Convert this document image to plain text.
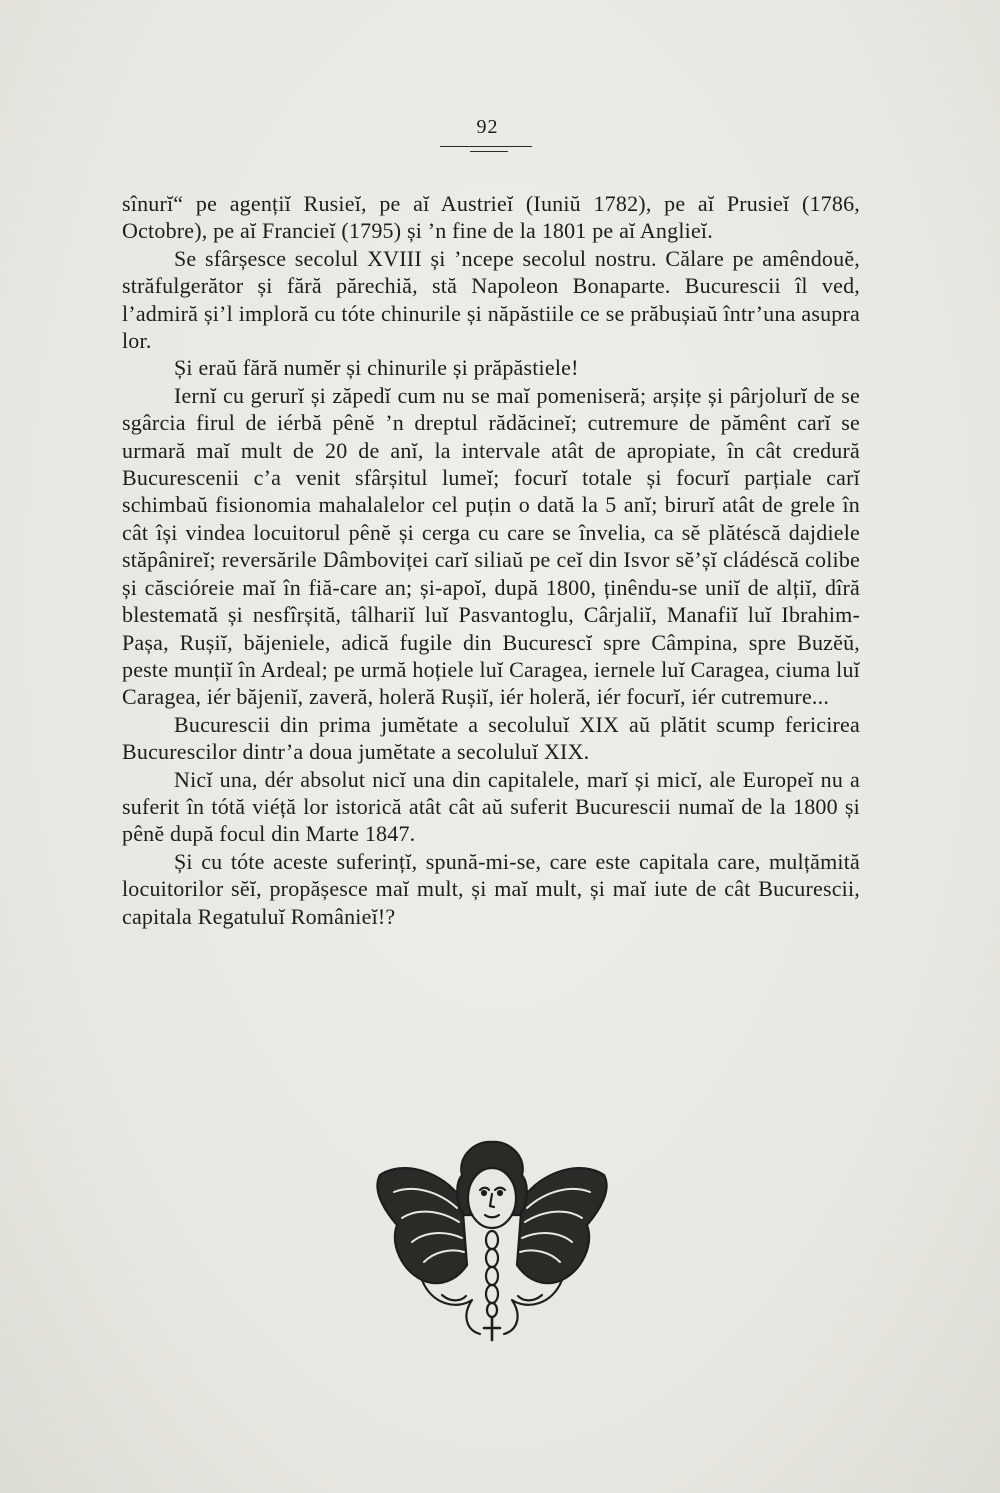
92

sînurĭ“ pe agențiĭ Rusieĭ, pe aĭ Austrieĭ (Iuniŭ 1782), pe aĭ Prusieĭ (1786, Octobre), pe aĭ Francieĭ (1795) și ’n fine de la 1801 pe aĭ Anglieĭ.

Se sfârșesce secolul XVIII și ’ncepe secolul nostru. Călare pe amêndouĕ, străfulgerător și fără părechiă, stă Napoleon Bonaparte. Bucurescii îl ved, l’admiră și’l imploră cu tóte chinurile și năpăstiile ce se prăbușiaŭ într’una asupra lor.

Și eraŭ fără numĕr și chinurile și prăpăstiele!

Iernĭ cu gerurĭ și zăpedĭ cum nu se maĭ pomeniseră; arșițe și pârjolurĭ de se sgârcia firul de iérbă pênĕ ’n dreptul rădăcineĭ; cutremure de pămênt carĭ se urmară maĭ mult de 20 de anĭ, la intervale atât de apropiate, în cât credură Bucurescenii c’a venit sfârșitul lumeĭ; focurĭ totale și focurĭ parțiale carĭ schimbaŭ fisionomia mahalalelor cel puțin o dată la 5 anĭ; birurĭ atât de grele în cât își vindea locuitorul pênĕ și cerga cu care se învelia, ca sĕ plătéscă dajdiele stăpânireĭ; reversările Dâmboviței carĭ siliaŭ pe ceĭ din Isvor sĕ’șĭ cládéscă colibe și căscióreie maĭ în fiă-care an; și-apoĭ, după 1800, ținêndu-se uniĭ de alțiĭ, dîră blestemată și nesfîrșită, tâlhariĭ luĭ Pasvantoglu, Cârjaliĭ, Manafiĭ luĭ Ibrahim-Pașa, Rușiĭ, băjeniele, adică fugile din Bucurescĭ spre Câmpina, spre Buzĕŭ, peste munțiĭ în Ardeal; pe urmă hoțiele luĭ Caragea, iernele luĭ Caragea, ciuma luĭ Caragea, iér băjeniĭ, zaveră, holeră Rușiĭ, iér holeră, iér focurĭ, iér cutremure...

Bucurescii din prima jumĕtate a secoluluĭ XIX aŭ plătit scump fericirea Bucurescilor dintr’a doua jumĕtate a secoluluĭ XIX.

Nicĭ una, dér absolut nicĭ una din capitalele, marĭ și micĭ, ale Europeĭ nu a suferit în tótă viéță lor istorică atât cât aŭ suferit Bucurescii numaĭ de la 1800 și pênĕ după focul din Marte 1847.

Și cu tóte aceste suferințĭ, spună-mi-se, care este capitala care, mulțămită locuitorilor sĕĭ, propășesce maĭ mult, și maĭ mult, și maĭ iute de cât Bucurescii, capitala Regatuluĭ Românieĭ!?
